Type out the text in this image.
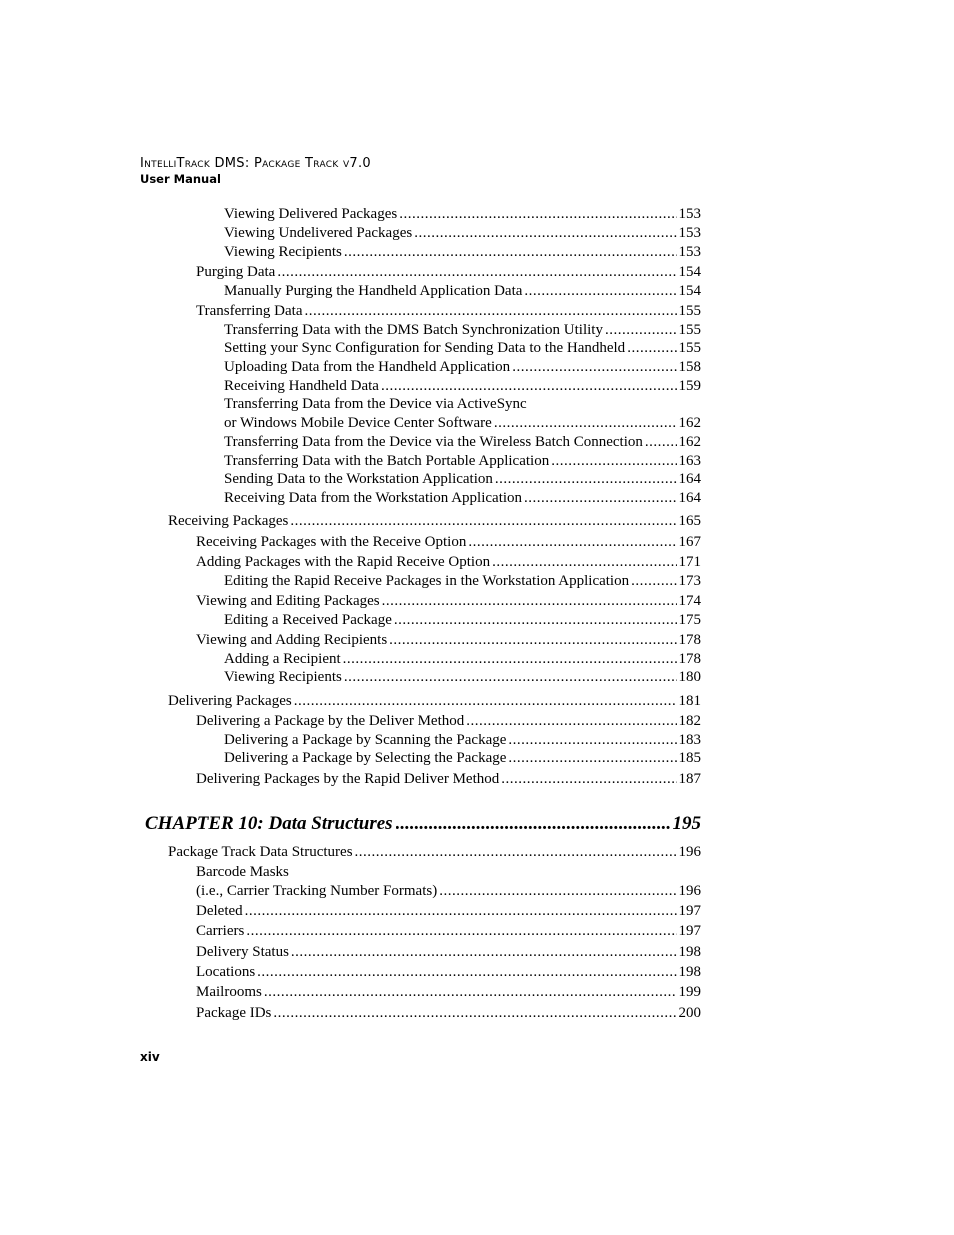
IntelliTrack DMS: Package Track v7.0
User Manual
Viewing Delivered Packages .....	153
Viewing Undelivered Packages .....	153
Viewing Recipients .....	153
Purging Data .....	154
Manually Purging the Handheld Application Data .....	154
Transferring Data .....	155
Transferring Data with the DMS Batch Synchronization Utility .....	155
Setting your Sync Configuration for Sending Data to the Handheld .....	155
Uploading Data from the Handheld Application .....	158
Receiving Handheld Data .....	159
Transferring Data from the Device via ActiveSync
or Windows Mobile Device Center Software .....	162
Transferring Data from the Device via the Wireless Batch Connection ..... 162
Transferring Data with the Batch Portable Application .....	163
Sending Data to the Workstation Application .....	164
Receiving Data from the Workstation Application .....	164
Receiving Packages .....	165
Receiving Packages with the Receive Option .....	167
Adding Packages with the Rapid Receive Option .....	171
Editing the Rapid Receive Packages in the Workstation Application .....	173
Viewing and Editing Packages .....	174
Editing a Received Package .....	175
Viewing and Adding Recipients .....	178
Adding a Recipient .....	178
Viewing Recipients .....	180
Delivering Packages .....	181
Delivering a Package by the Deliver Method .....	182
Delivering a Package by Scanning the Package .....	183
Delivering a Package by Selecting the Package .....	185
Delivering Packages by the Rapid Deliver Method .....	187
CHAPTER 10: Data Structures .....	195
Package Track Data Structures .....	196
Barcode Masks
(i.e., Carrier Tracking Number Formats) .....	196
Deleted .....	197
Carriers .....	197
Delivery Status .....	198
Locations .....	198
Mailrooms .....	199
Package IDs .....	200
xiv
